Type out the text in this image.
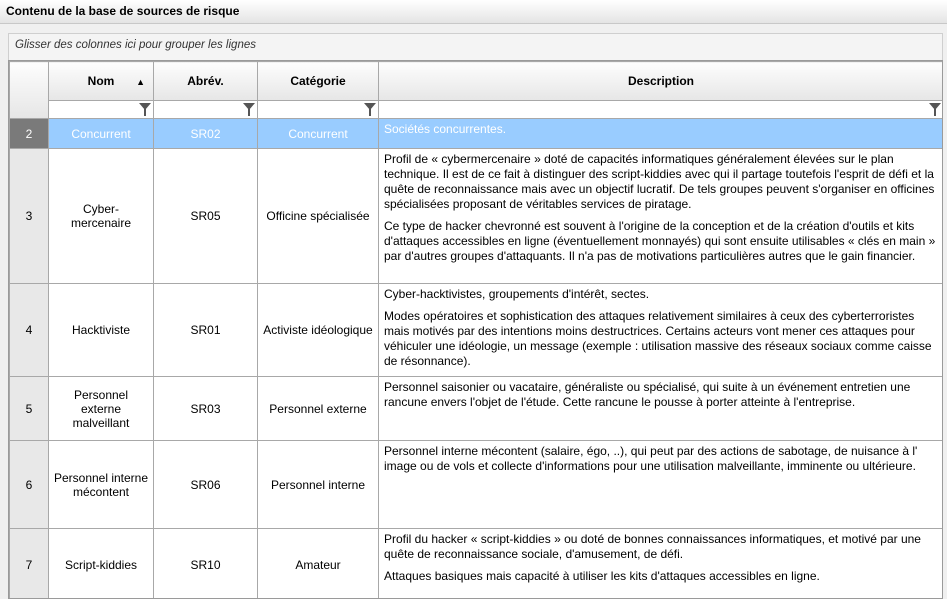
Contenu de la base de sources de risque
Glisser des colonnes ici pour grouper les lignes
	Nom ▲	Abrév.	Catégorie	Description

2	Concurrent	SR02	Concurrent	Sociétés concurrentes.

3	Cyber-mercenaire	SR05	Officine spécialisée	Profil de « cybermercenaire » doté de capacités informatiques généralement élevées sur le plan technique. Il est de ce fait à distinguer des script-kiddies avec qui il partage toutefois l'esprit de défi et la quête de reconnaissance mais avec un objectif lucratif. De tels groupes peuvent s'organiser en officines spécialisées proposant de véritables services de piratage.

Ce type de hacker chevronné est souvent à l'origine de la conception et de la création d'outils et kits d'attaques accessibles en ligne (éventuellement monnayés) qui sont ensuite utilisables « clés en main » par d'autres groupes d'attaquants. Il n'a pas de motivations particulières autres que le gain financier.

4	Hacktiviste	SR01	Activiste idéologique	Cyber-hacktivistes, groupements d'intérêt, sectes.

Modes opératoires et sophistication des attaques relativement similaires à ceux des cyberterroristes mais motivés par des intentions moins destructrices. Certains acteurs vont mener ces attaques pour véhiculer une idéologie, un message (exemple : utilisation massive des réseaux sociaux comme caisse de résonnance).

5	Personnel externe malveillant	SR03	Personnel externe	Personnel saisonier ou vacataire, généraliste ou spécialisé, qui suite à un événement entretien une rancune envers l'objet de l'étude. Cette rancune le pousse à porter atteinte à l'entreprise.

6	Personnel interne mécontent	SR06	Personnel interne	Personnel interne mécontent (salaire, égo, ..), qui peut par des actions de sabotage, de nuisance à l' image ou de vols et collecte d'informations pour une utilisation malveillante, imminente ou ultérieure.

7	Script-kiddies	SR10	Amateur	Profil du hacker « script-kiddies » ou doté de bonnes connaissances informatiques, et motivé par une quête de reconnaissance sociale, d'amusement, de défi.

Attaques basiques mais capacité à utiliser les kits d'attaques accessibles en ligne.
